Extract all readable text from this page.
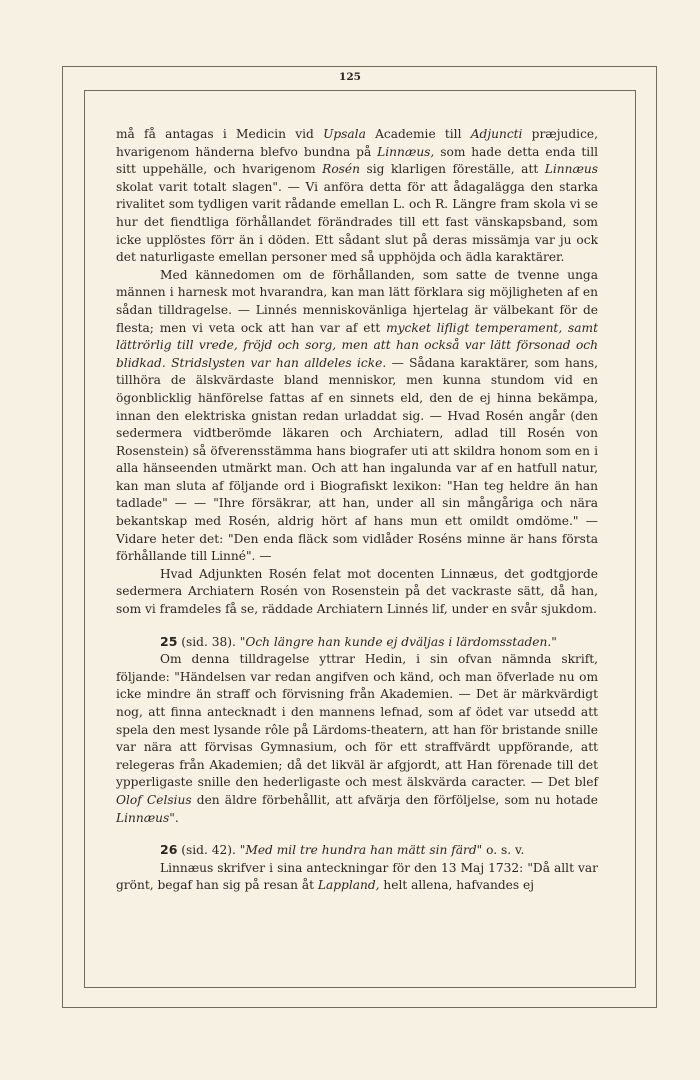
125

må få antagas i Medicin vid Upsala Academie till Adjuncti præjudice, hvarigenom händerna blefvo bundna på Linnæus, som hade detta enda till sitt uppehälle, och hvarigenom Rosén sig klarligen föreställe, att Linnæus skolat varit totalt slagen". — Vi anföra detta för att ådagalägga den starka rivalitet som tydligen varit rådande emellan L. och R. Längre fram skola vi se hur det fiendtliga förhållandet förändrades till ett fast vänskapsband, som icke upplöstes förr än i döden. Ett sådant slut på deras missämja var ju ock det naturligaste emellan personer med så upphöjda och ädla karaktärer.

Med kännedomen om de förhållanden, som satte de tvenne unga männen i harnesk mot hvarandra, kan man lätt förklara sig möjligheten af en sådan tilldragelse. — Linnés menniskovänliga hjertelag är välbekant för de flesta; men vi veta ock att han var af ett mycket lifligt temperament, samt lättrörlig till vrede, fröjd och sorg, men att han också var lätt försonad och blidkad. Stridslysten var han alldeles icke. — Sådana karaktärer, som hans, tillhöra de älskvärdaste bland menniskor, men kunna stundom vid en ögonblicklig hänförelse fattas af en sinnets eld, den de ej hinna bekämpa, innan den elektriska gnistan redan urladdat sig. — Hvad Rosén angår (den sedermera vidtberömde läkaren och Archiatern, adlad till Rosén von Rosenstein) så öfverensstämma hans biografer uti att skildra honom som en i alla hänseenden utmärkt man. Och att han ingalunda var af en hatfull natur, kan man sluta af följande ord i Biografiskt lexikon: "Han teg heldre än han tadlade" — — "Ihre försäkrar, att han, under all sin mångåriga och nära bekantskap med Rosén, aldrig hört af hans mun ett omildt omdöme." — Vidare heter det: "Den enda fläck som vidlåder Roséns minne är hans första förhållande till Linné". —

Hvad Adjunkten Rosén felat mot docenten Linnæus, det godtgjorde sedermera Archiatern Rosén von Rosenstein på det vackraste sätt, då han, som vi framdeles få se, räddade Archiatern Linnés lif, under en svår sjukdom.

25 (sid. 38). "Och längre han kunde ej dväljas i lärdomsstaden."

Om denna tilldragelse yttrar Hedin, i sin ofvan nämnda skrift, följande: "Händelsen var redan angifven och känd, och man öfverlade nu om icke mindre än straff och förvisning från Akademien. — Det är märkvärdigt nog, att finna antecknadt i den mannens lefnad, som af ödet var utsedd att spela den mest lysande rôle på Lärdoms-theatern, att han för bristande snille var nära att förvisas Gymnasium, och för ett straffvärdt uppförande, att relegeras från Akademien; då det likväl är afgjordt, att Han förenade till det ypperligaste snille den hederligaste och mest älskvärda caracter. — Det blef Olof Celsius den äldre förbehållit, att afvärja den förföljelse, som nu hotade Linnæus".

26 (sid. 42). "Med mil tre hundra han mätt sin färd" o. s. v.

Linnæus skrifver i sina anteckningar för den 13 Maj 1732: "Då allt var grönt, begaf han sig på resan åt Lappland, helt allena, hafvandes ej
